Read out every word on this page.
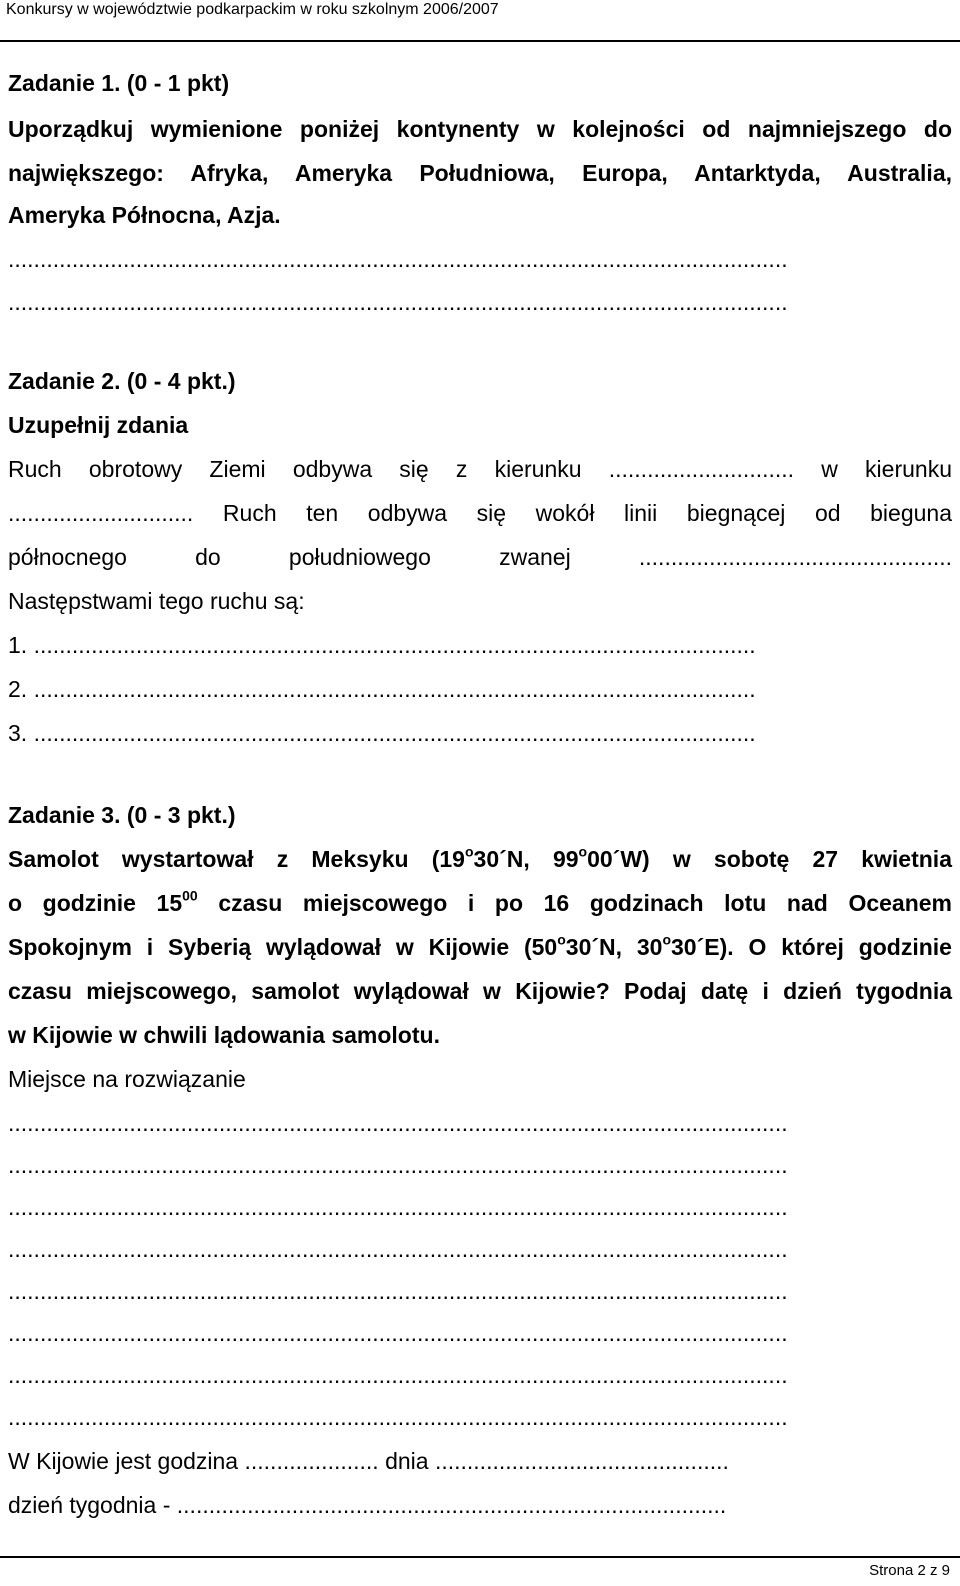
Konkursy w województwie podkarpackim w roku szkolnym 2006/2007
Zadanie 1. (0 - 1 pkt)
Uporządkuj wymienione poniżej kontynenty w kolejności od najmniejszego do
największego: Afryka, Ameryka Południowa, Europa, Antarktyda, Australia,
Ameryka Północna, Azja.
..........................................................................................................................
..........................................................................................................................
Zadanie 2. (0 - 4 pkt.)
Uzupełnij zdania
Ruch obrotowy Ziemi odbywa się z kierunku ............................. w kierunku
............................. Ruch ten odbywa się wokół linii biegnącej od bieguna
północnego do południowego zwanej .................................................
Następstwami tego ruchu są:
1. .................................................................................................................
2. .................................................................................................................
3. .................................................................................................................
Zadanie 3. (0 - 3 pkt.)
Samolot wystartował z Meksyku (19$^o$30´N, 99$^o$00´W) w sobotę 27 kwietnia
o godzinie $15^{00}$ czasu miejscowego i po 16 godzinach lotu nad Oceanem
Spokojnym i Syberią wylądował w Kijowie (50$^o$30´N, 30$^o$30´E). O której godzinie
czasu miejscowego, samolot wylądował w Kijowie? Podaj datę i dzień tygodnia
w Kijowie w chwili lądowania samolotu.
Miejsce na rozwiązanie
..........................................................................................................................
..........................................................................................................................
..........................................................................................................................
..........................................................................................................................
..........................................................................................................................
..........................................................................................................................
..........................................................................................................................
..........................................................................................................................
W Kijowie jest godzina ..................... dnia ..............................................
dzień tygodnia - ......................................................................................
Strona 2 z 9
